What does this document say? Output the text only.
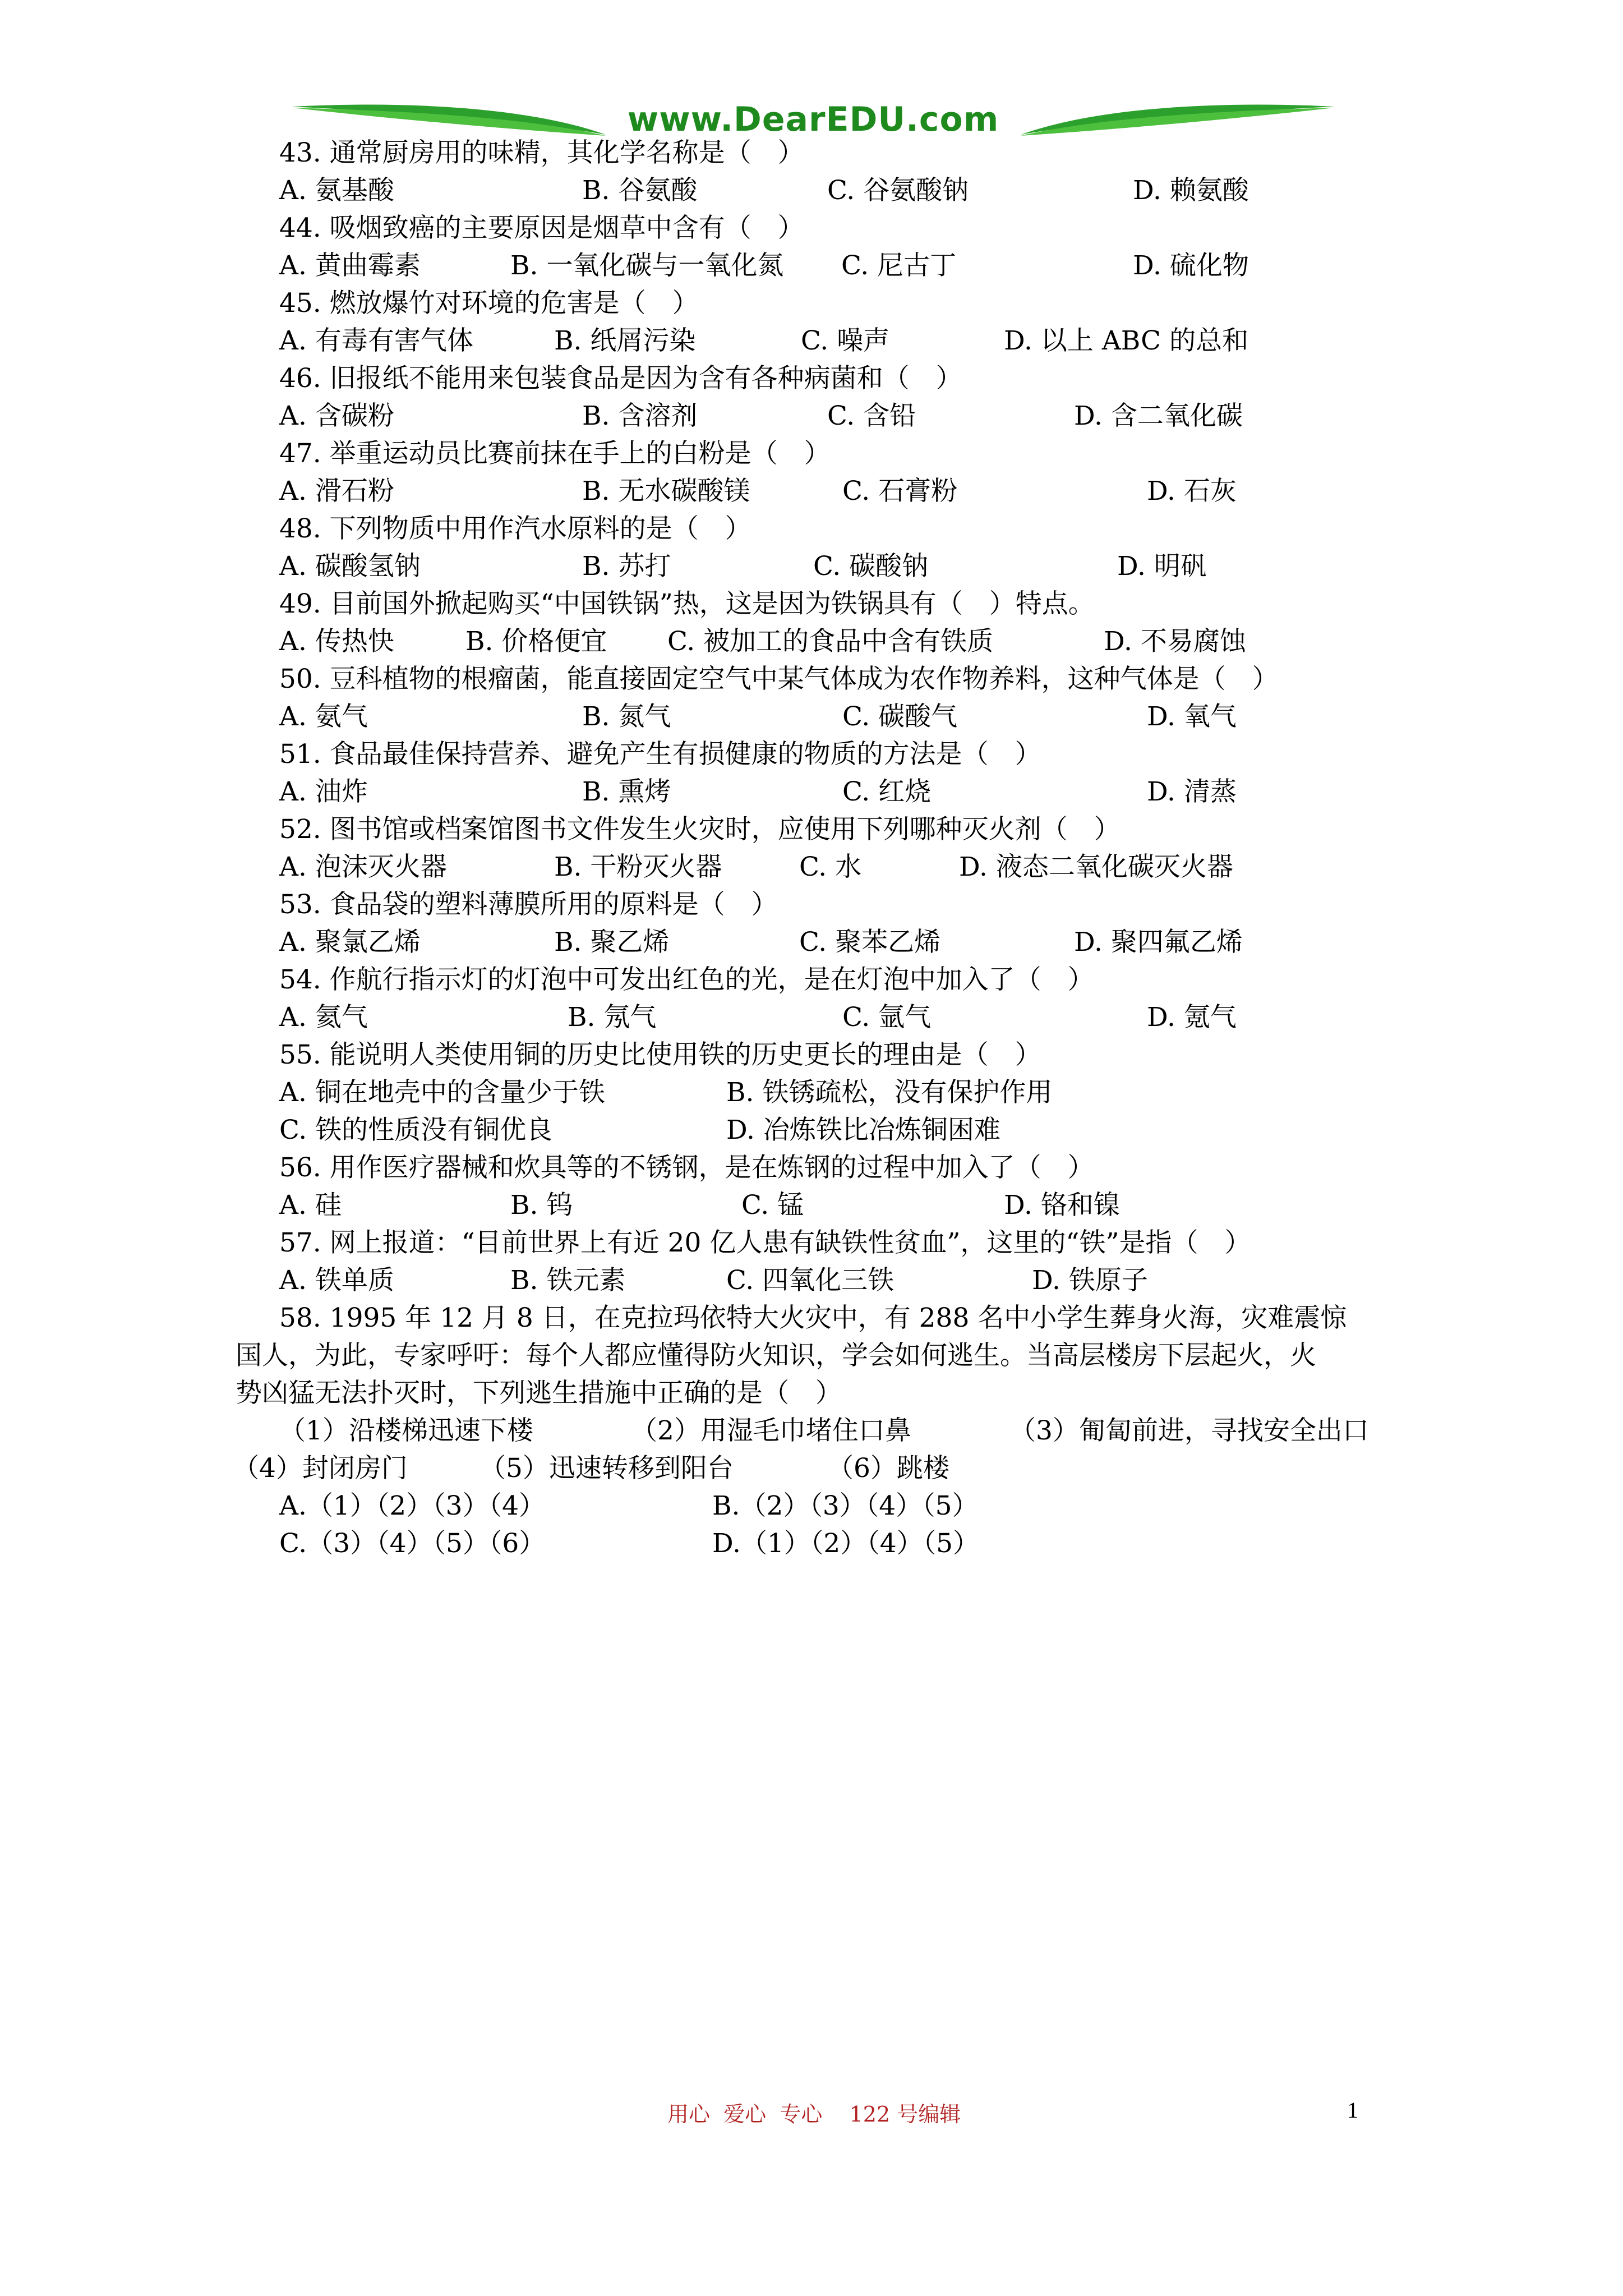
www.DearEDU.com
43. 通常厨房用的味精，其化学名称是（　）
A. 氨基酸	B. 谷氨酸	C. 谷氨酸钠	D. 赖氨酸
44. 吸烟致癌的主要原因是烟草中含有（　）
A. 黄曲霉素	B. 一氧化碳与一氧化氮 C. 尼古丁	D. 硫化物
45. 燃放爆竹对环境的危害是（　）
A. 有毒有害气体	B. 纸屑污染	C. 噪声	D. 以上 ABC 的总和
46. 旧报纸不能用来包装食品是因为含有各种病菌和（　）
A. 含碳粉	B. 含溶剂	C. 含铅	D. 含二氧化碳
47. 举重运动员比赛前抹在手上的白粉是（　）
A. 滑石粉	B. 无水碳酸镁	C. 石膏粉	D. 石灰
48. 下列物质中用作汽水原料的是（　）
A. 碳酸氢钠	B. 苏打	C. 碳酸钠	D. 明矾
49. 目前国外掀起购买“中国铁锅”热，这是因为铁锅具有（　）特点。
A. 传热快	B. 价格便宜 C. 被加工的食品中含有铁质	D. 不易腐蚀
50. 豆科植物的根瘤菌，能直接固定空气中某气体成为农作物养料，这种气体是（　）
A. 氨气	B. 氮气	C. 碳酸气	D. 氧气
51. 食品最佳保持营养、避免产生有损健康的物质的方法是（　）
A. 油炸	B. 熏烤	C. 红烧	D. 清蒸
52. 图书馆或档案馆图书文件发生火灾时，应使用下列哪种灭火剂（　）
A. 泡沫灭火器	B. 干粉灭火器	C. 水	D. 液态二氧化碳灭火器
53. 食品袋的塑料薄膜所用的原料是（　）
A. 聚氯乙烯	B. 聚乙烯	C. 聚苯乙烯	D. 聚四氟乙烯
54. 作航行指示灯的灯泡中可发出红色的光，是在灯泡中加入了（　）
A. 氦气	B. 氖气	C. 氩气	D. 氪气
55. 能说明人类使用铜的历史比使用铁的历史更长的理由是（　）
A. 铜在地壳中的含量少于铁	B. 铁锈疏松，没有保护作用
C. 铁的性质没有铜优良	D. 冶炼铁比冶炼铜困难
56. 用作医疗器械和炊具等的不锈钢，是在炼钢的过程中加入了（　）
A. 硅	B. 钨	C. 锰	D. 铬和镍
57. 网上报道：“目前世界上有近 20 亿人患有缺铁性贫血”，这里的“铁”是指（　）
A. 铁单质	B. 铁元素	C. 四氧化三铁	D. 铁原子
58. 1995 年 12 月 8 日，在克拉玛依特大火灾中，有 288 名中小学生葬身火海，灾难震惊
国人，为此，专家呼吁：每个人都应懂得防火知识，学会如何逃生。当高层楼房下层起火，火
势凶猛无法扑灭时，下列逃生措施中正确的是（　）
（1）沿楼梯迅速下楼	（2）用湿毛巾堵住口鼻	（3）匍匐前进，寻找安全出口
（4）封闭房门	（5）迅速转移到阳台	（6）跳楼
A.（1）（2）（3）（4）	B.（2）（3）（4）（5）
C.（3）（4）（5）（6）	D.（1）（2）（4）（5）
用心  爱心  专心    122 号编辑	1
